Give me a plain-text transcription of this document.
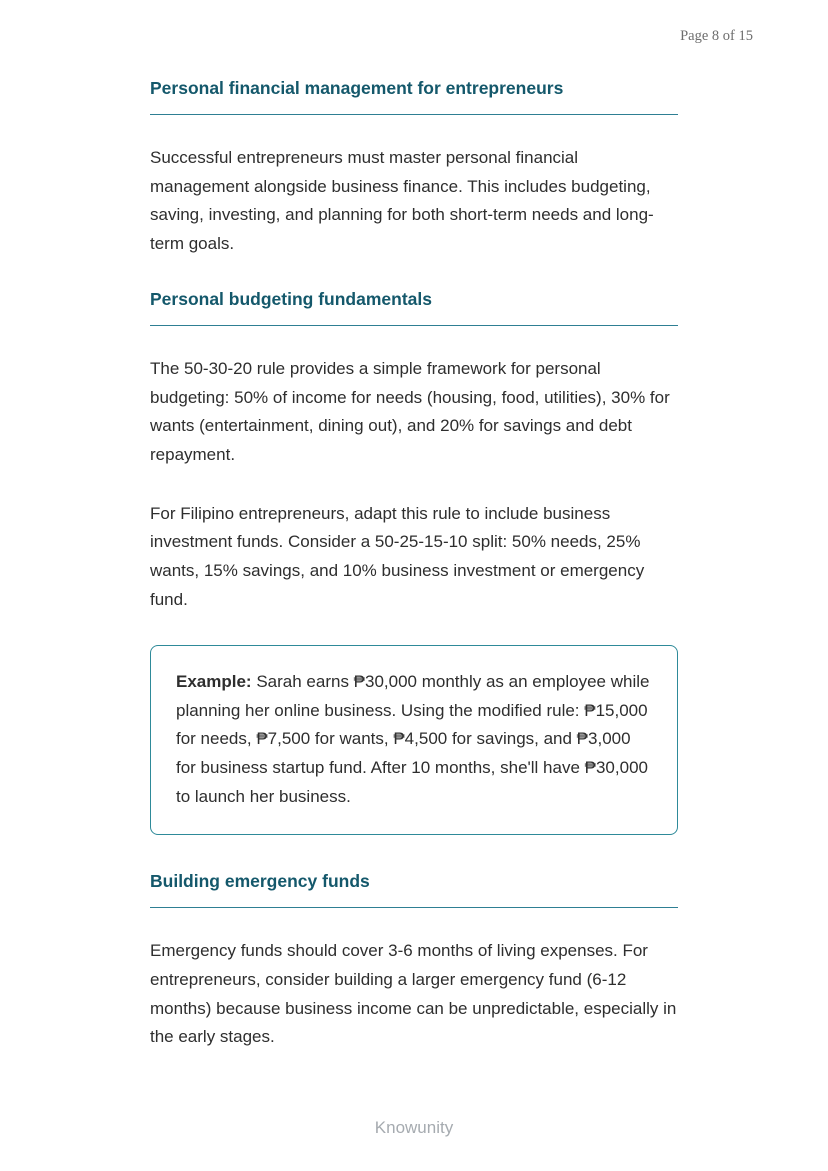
Page 8 of 15
Personal financial management for entrepreneurs

Successful entrepreneurs must master personal financial management alongside business finance. This includes budgeting, saving, investing, and planning for both short-term needs and long-term goals.

Personal budgeting fundamentals

The 50-30-20 rule provides a simple framework for personal budgeting: 50% of income for needs (housing, food, utilities), 30% for wants (entertainment, dining out), and 20% for savings and debt repayment.

For Filipino entrepreneurs, adapt this rule to include business investment funds. Consider a 50-25-15-10 split: 50% needs, 25% wants, 15% savings, and 10% business investment or emergency fund.

Example: Sarah earns ₱30,000 monthly as an employee while planning her online business. Using the modified rule: ₱15,000 for needs, ₱7,500 for wants, ₱4,500 for savings, and ₱3,000 for business startup fund. After 10 months, she'll have ₱30,000 to launch her business.
Building emergency funds

Emergency funds should cover 3-6 months of living expenses. For entrepreneurs, consider building a larger emergency fund (6-12 months) because business income can be unpredictable, especially in the early stages.

Knowunity
